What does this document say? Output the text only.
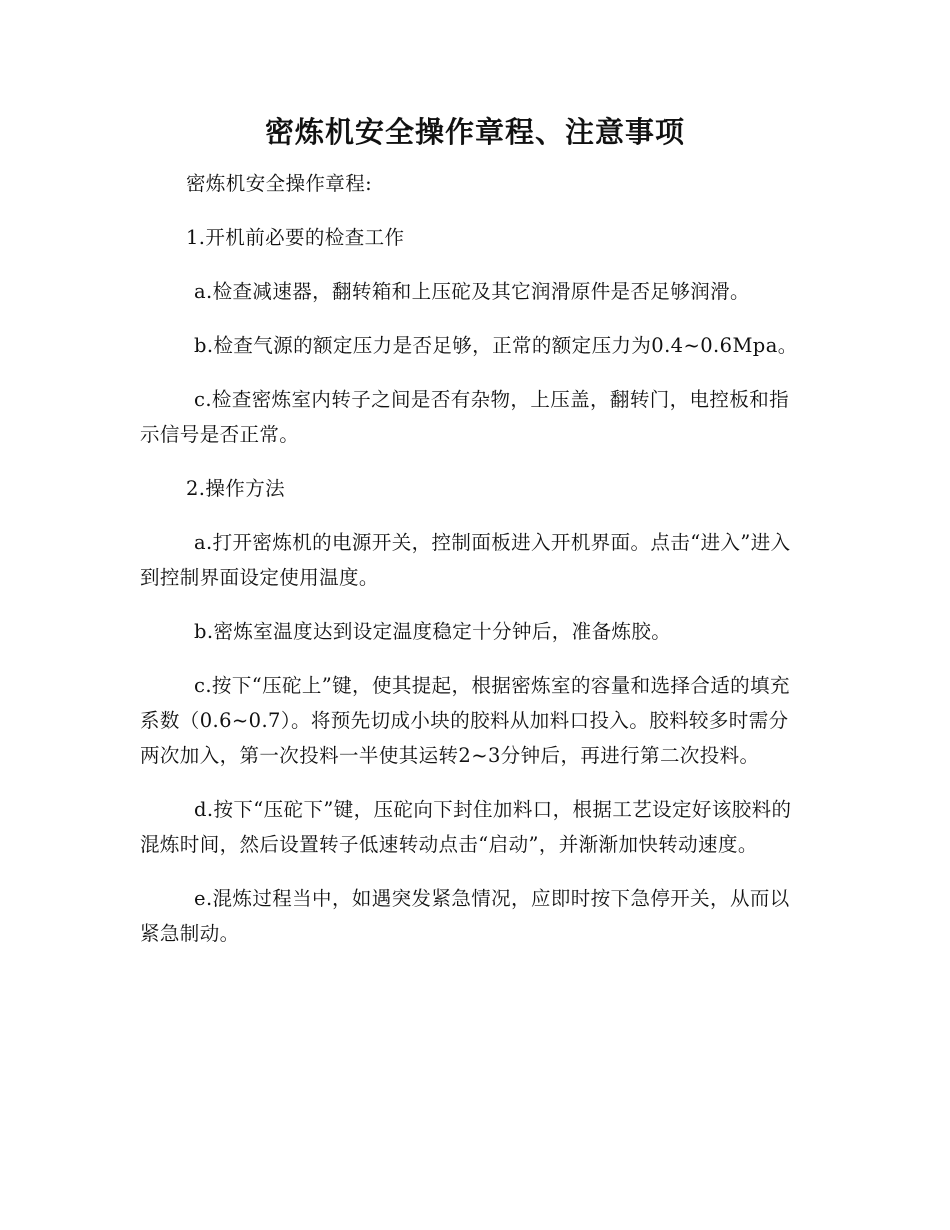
密炼机安全操作章程、注意事项

密炼机安全操作章程:

1.开机前必要的检查工作

a.检查减速器，翻转箱和上压砣及其它润滑原件是否足够润滑。

b.检查气源的额定压力是否足够，正常的额定压力为0.4~0.6Mpa。

c.检查密炼室内转子之间是否有杂物，上压盖，翻转门，电控板和指示信号是否正常。

2.操作方法

a.打开密炼机的电源开关，控制面板进入开机界面。点击“进入”进入到控制界面设定使用温度。

b.密炼室温度达到设定温度稳定十分钟后，准备炼胶。

c.按下“压砣上”键，使其提起，根据密炼室的容量和选择合适的填充系数（0.6~0.7）。将预先切成小块的胶料从加料口投入。胶料较多时需分两次加入，第一次投料一半使其运转2~3分钟后，再进行第二次投料。

d.按下“压砣下”键，压砣向下封住加料口，根据工艺设定好该胶料的混炼时间，然后设置转子低速转动点击“启动”，并渐渐加快转动速度。

e.混炼过程当中，如遇突发紧急情况，应即时按下急停开关，从而以紧急制动。
